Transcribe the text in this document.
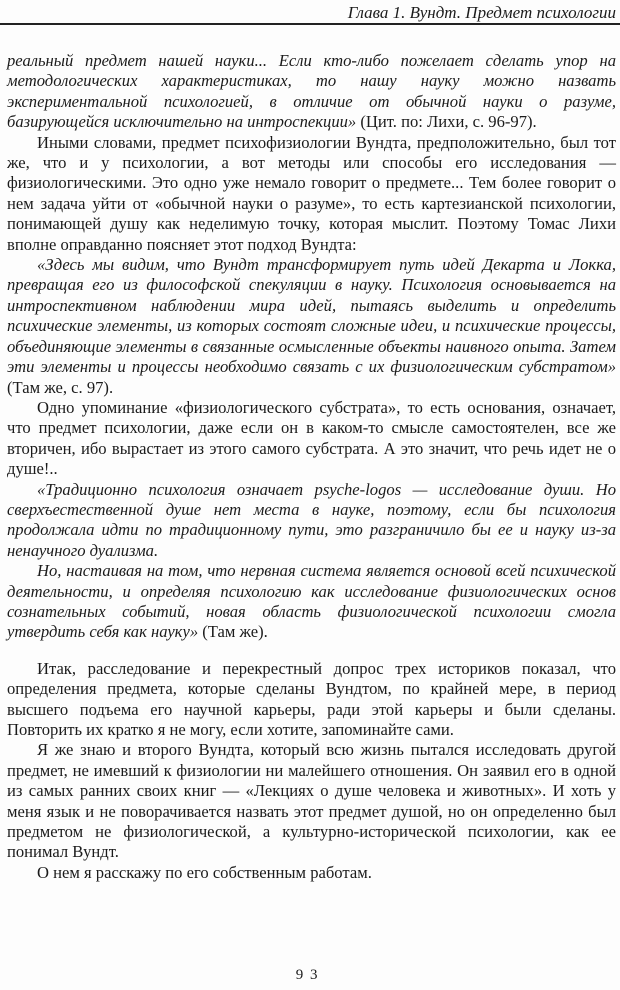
Глава 1. Вундт. Предмет психологии

реальный предмет нашей науки... Если кто-либо пожелает сделать упор на методологических характеристиках, то нашу науку можно назвать экспериментальной психологией, в отличие от обычной науки о разуме, базирующейся исключительно на интроспекции» (Цит. по: Лихи, с. 96-97).

Иными словами, предмет психофизиологии Вундта, предположительно, был тот же, что и у психологии, а вот методы или способы его исследования — физиологическими. Это одно уже немало говорит о предмете... Тем более говорит о нем задача уйти от «обычной науки о разуме», то есть картезианской психологии, понимающей душу как неделимую точку, которая мыслит. Поэтому Томас Лихи вполне оправданно поясняет этот подход Вундта:

«Здесь мы видим, что Вундт трансформирует путь идей Декарта и Локка, превращая его из философской спекуляции в науку. Психология основывается на интроспективном наблюдении мира идей, пытаясь выделить и определить психические элементы, из которых состоят сложные идеи, и психические процессы, объединяющие элементы в связанные осмысленные объекты наивного опыта. Затем эти элементы и процессы необходимо связать с их физиологическим субстратом» (Там же, с. 97).

Одно упоминание «физиологического субстрата», то есть основания, означает, что предмет психологии, даже если он в каком-то смысле самостоятелен, все же вторичен, ибо вырастает из этого самого субстрата. А это значит, что речь идет не о душе!..

«Традиционно психология означает psyche-logos — исследование души. Но сверхъестественной душе нет места в науке, поэтому, если бы психология продолжала идти по традиционному пути, это разграничило бы ее и науку из-за ненаучного дуализма.

Но, настаивая на том, что нервная система является основой всей психической деятельности, и определяя психологию как исследование физиологических основ сознательных событий, новая область физиологической психологии смогла утвердить себя как науку» (Там же).

Итак, расследование и перекрестный допрос трех историков показал, что определения предмета, которые сделаны Вундтом, по крайней мере, в период высшего подъема его научной карьеры, ради этой карьеры и были сделаны. Повторить их кратко я не могу, если хотите, запоминайте сами.

Я же знаю и второго Вундта, который всю жизнь пытался исследовать другой предмет, не имевший к физиологии ни малейшего отношения. Он заявил его в одной из самых ранних своих книг — «Лекциях о душе человека и животных». И хоть у меня язык и не поворачивается назвать этот предмет душой, но он определенно был предметом не физиологической, а культурно-исторической психологии, как ее понимал Вундт.

О нем я расскажу по его собственным работам.

93
